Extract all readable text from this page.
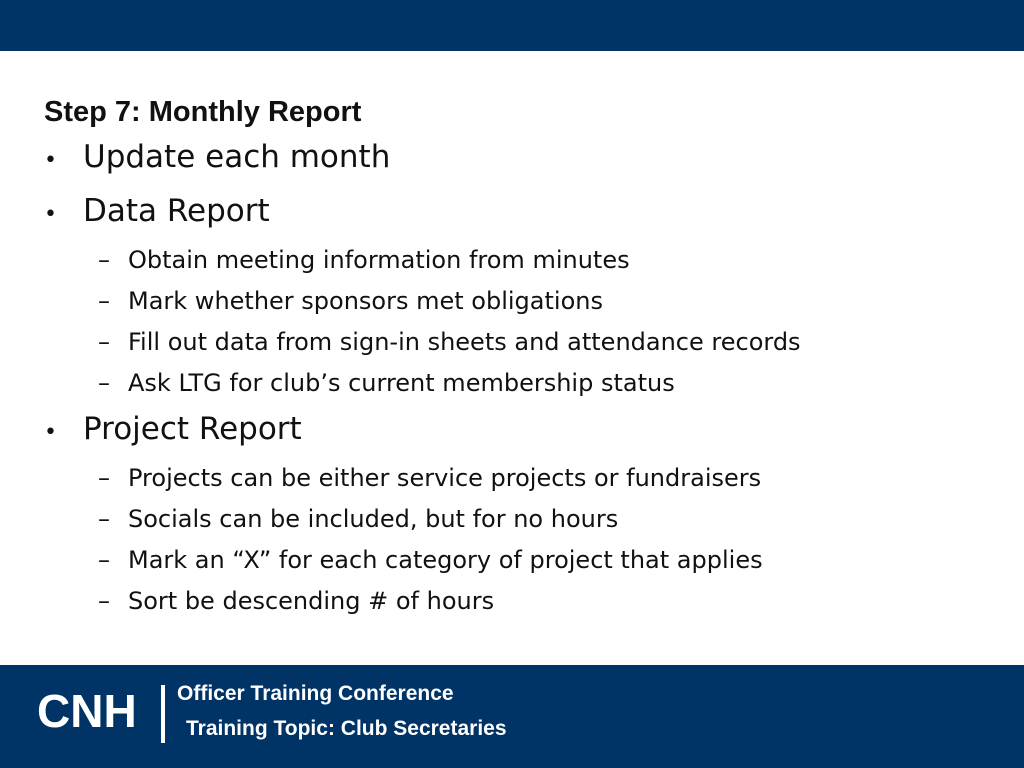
Step 7: Monthly Report
• Update each month
• Data Report
– Obtain meeting information from minutes
– Mark whether sponsors met obligations
– Fill out data from sign-in sheets and attendance records
– Ask LTG for club’s current membership status
• Project Report
– Projects can be either service projects or fundraisers
– Socials can be included, but for no hours
– Mark an “X” for each category of project that applies
– Sort be descending # of hours
CNH Officer Training Conference
Training Topic: Club Secretaries
